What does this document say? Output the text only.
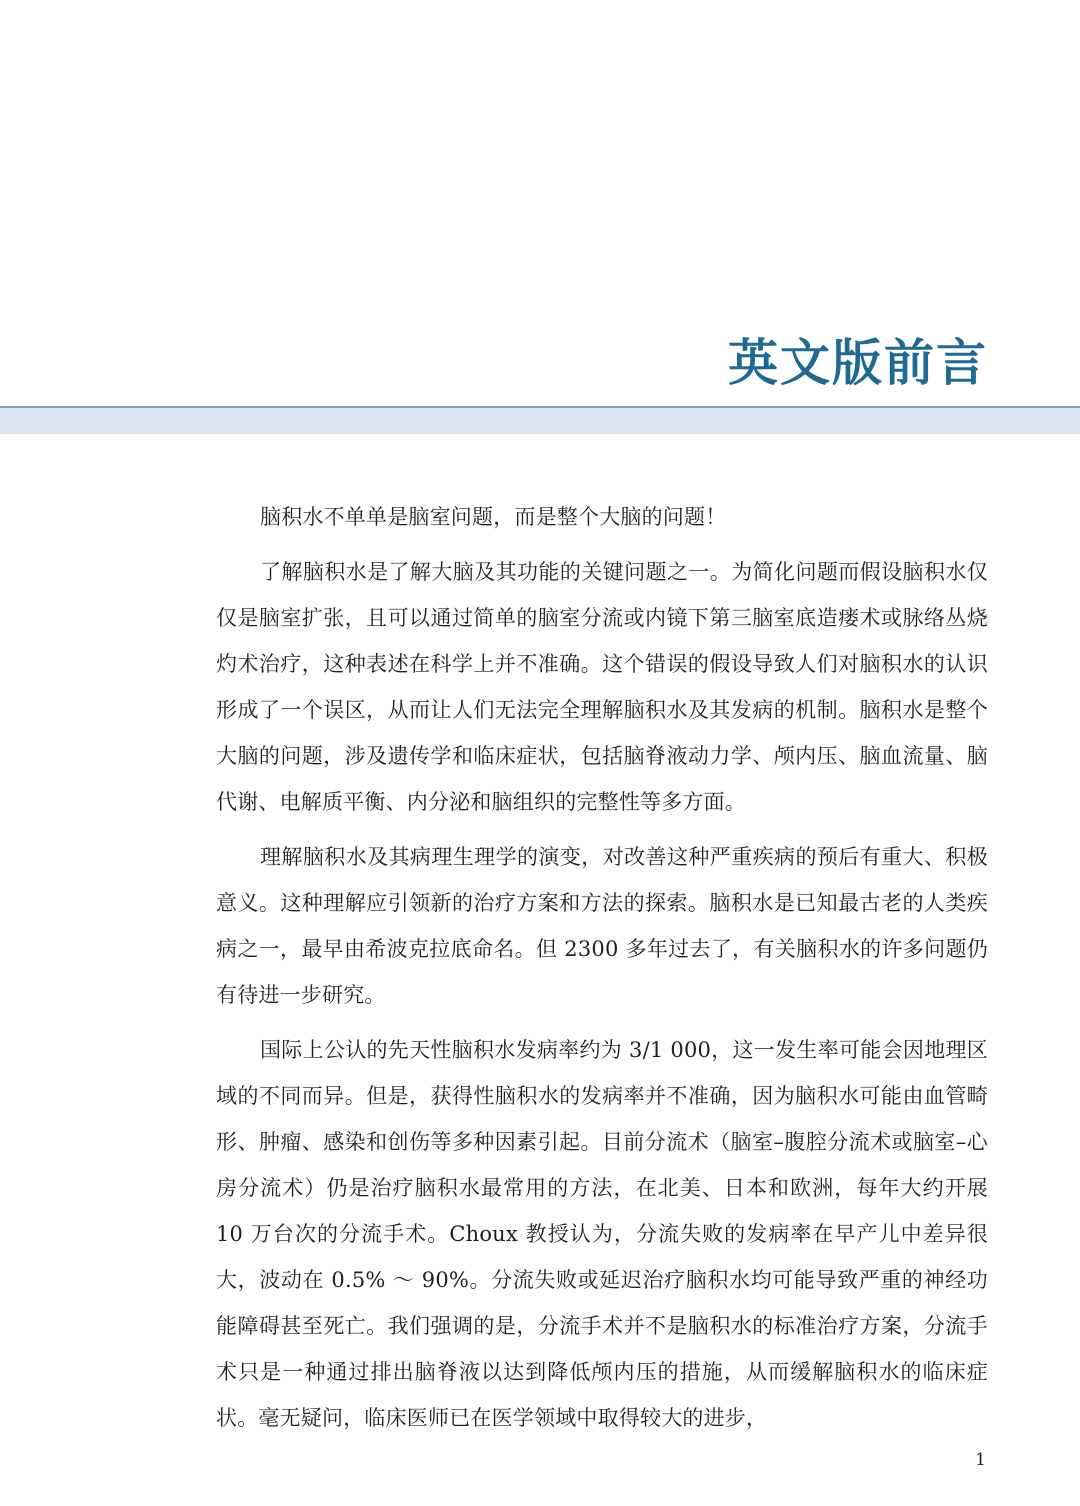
英文版前言

脑积水不单单是脑室问题，而是整个大脑的问题！

了解脑积水是了解大脑及其功能的关键问题之一。为简化问题而假设脑积水仅仅是脑室扩张，且可以通过简单的脑室分流或内镜下第三脑室底造瘘术或脉络丛烧灼术治疗，这种表述在科学上并不准确。这个错误的假设导致人们对脑积水的认识形成了一个误区，从而让人们无法完全理解脑积水及其发病的机制。脑积水是整个大脑的问题，涉及遗传学和临床症状，包括脑脊液动力学、颅内压、脑血流量、脑代谢、电解质平衡、内分泌和脑组织的完整性等多方面。

理解脑积水及其病理生理学的演变，对改善这种严重疾病的预后有重大、积极意义。这种理解应引领新的治疗方案和方法的探索。脑积水是已知最古老的人类疾病之一，最早由希波克拉底命名。但 2300 多年过去了，有关脑积水的许多问题仍有待进一步研究。

国际上公认的先天性脑积水发病率约为 3/1 000，这一发生率可能会因地理区域的不同而异。但是，获得性脑积水的发病率并不准确，因为脑积水可能由血管畸形、肿瘤、感染和创伤等多种因素引起。目前分流术（脑室–腹腔分流术或脑室–心房分流术）仍是治疗脑积水最常用的方法，在北美、日本和欧洲，每年大约开展 10 万台次的分流手术。Choux 教授认为，分流失败的发病率在早产儿中差异很大，波动在 0.5% ～ 90%。分流失败或延迟治疗脑积水均可能导致严重的神经功能障碍甚至死亡。我们强调的是，分流手术并不是脑积水的标准治疗方案，分流手术只是一种通过排出脑脊液以达到降低颅内压的措施，从而缓解脑积水的临床症状。毫无疑问，临床医师已在医学领域中取得较大的进步，

1
